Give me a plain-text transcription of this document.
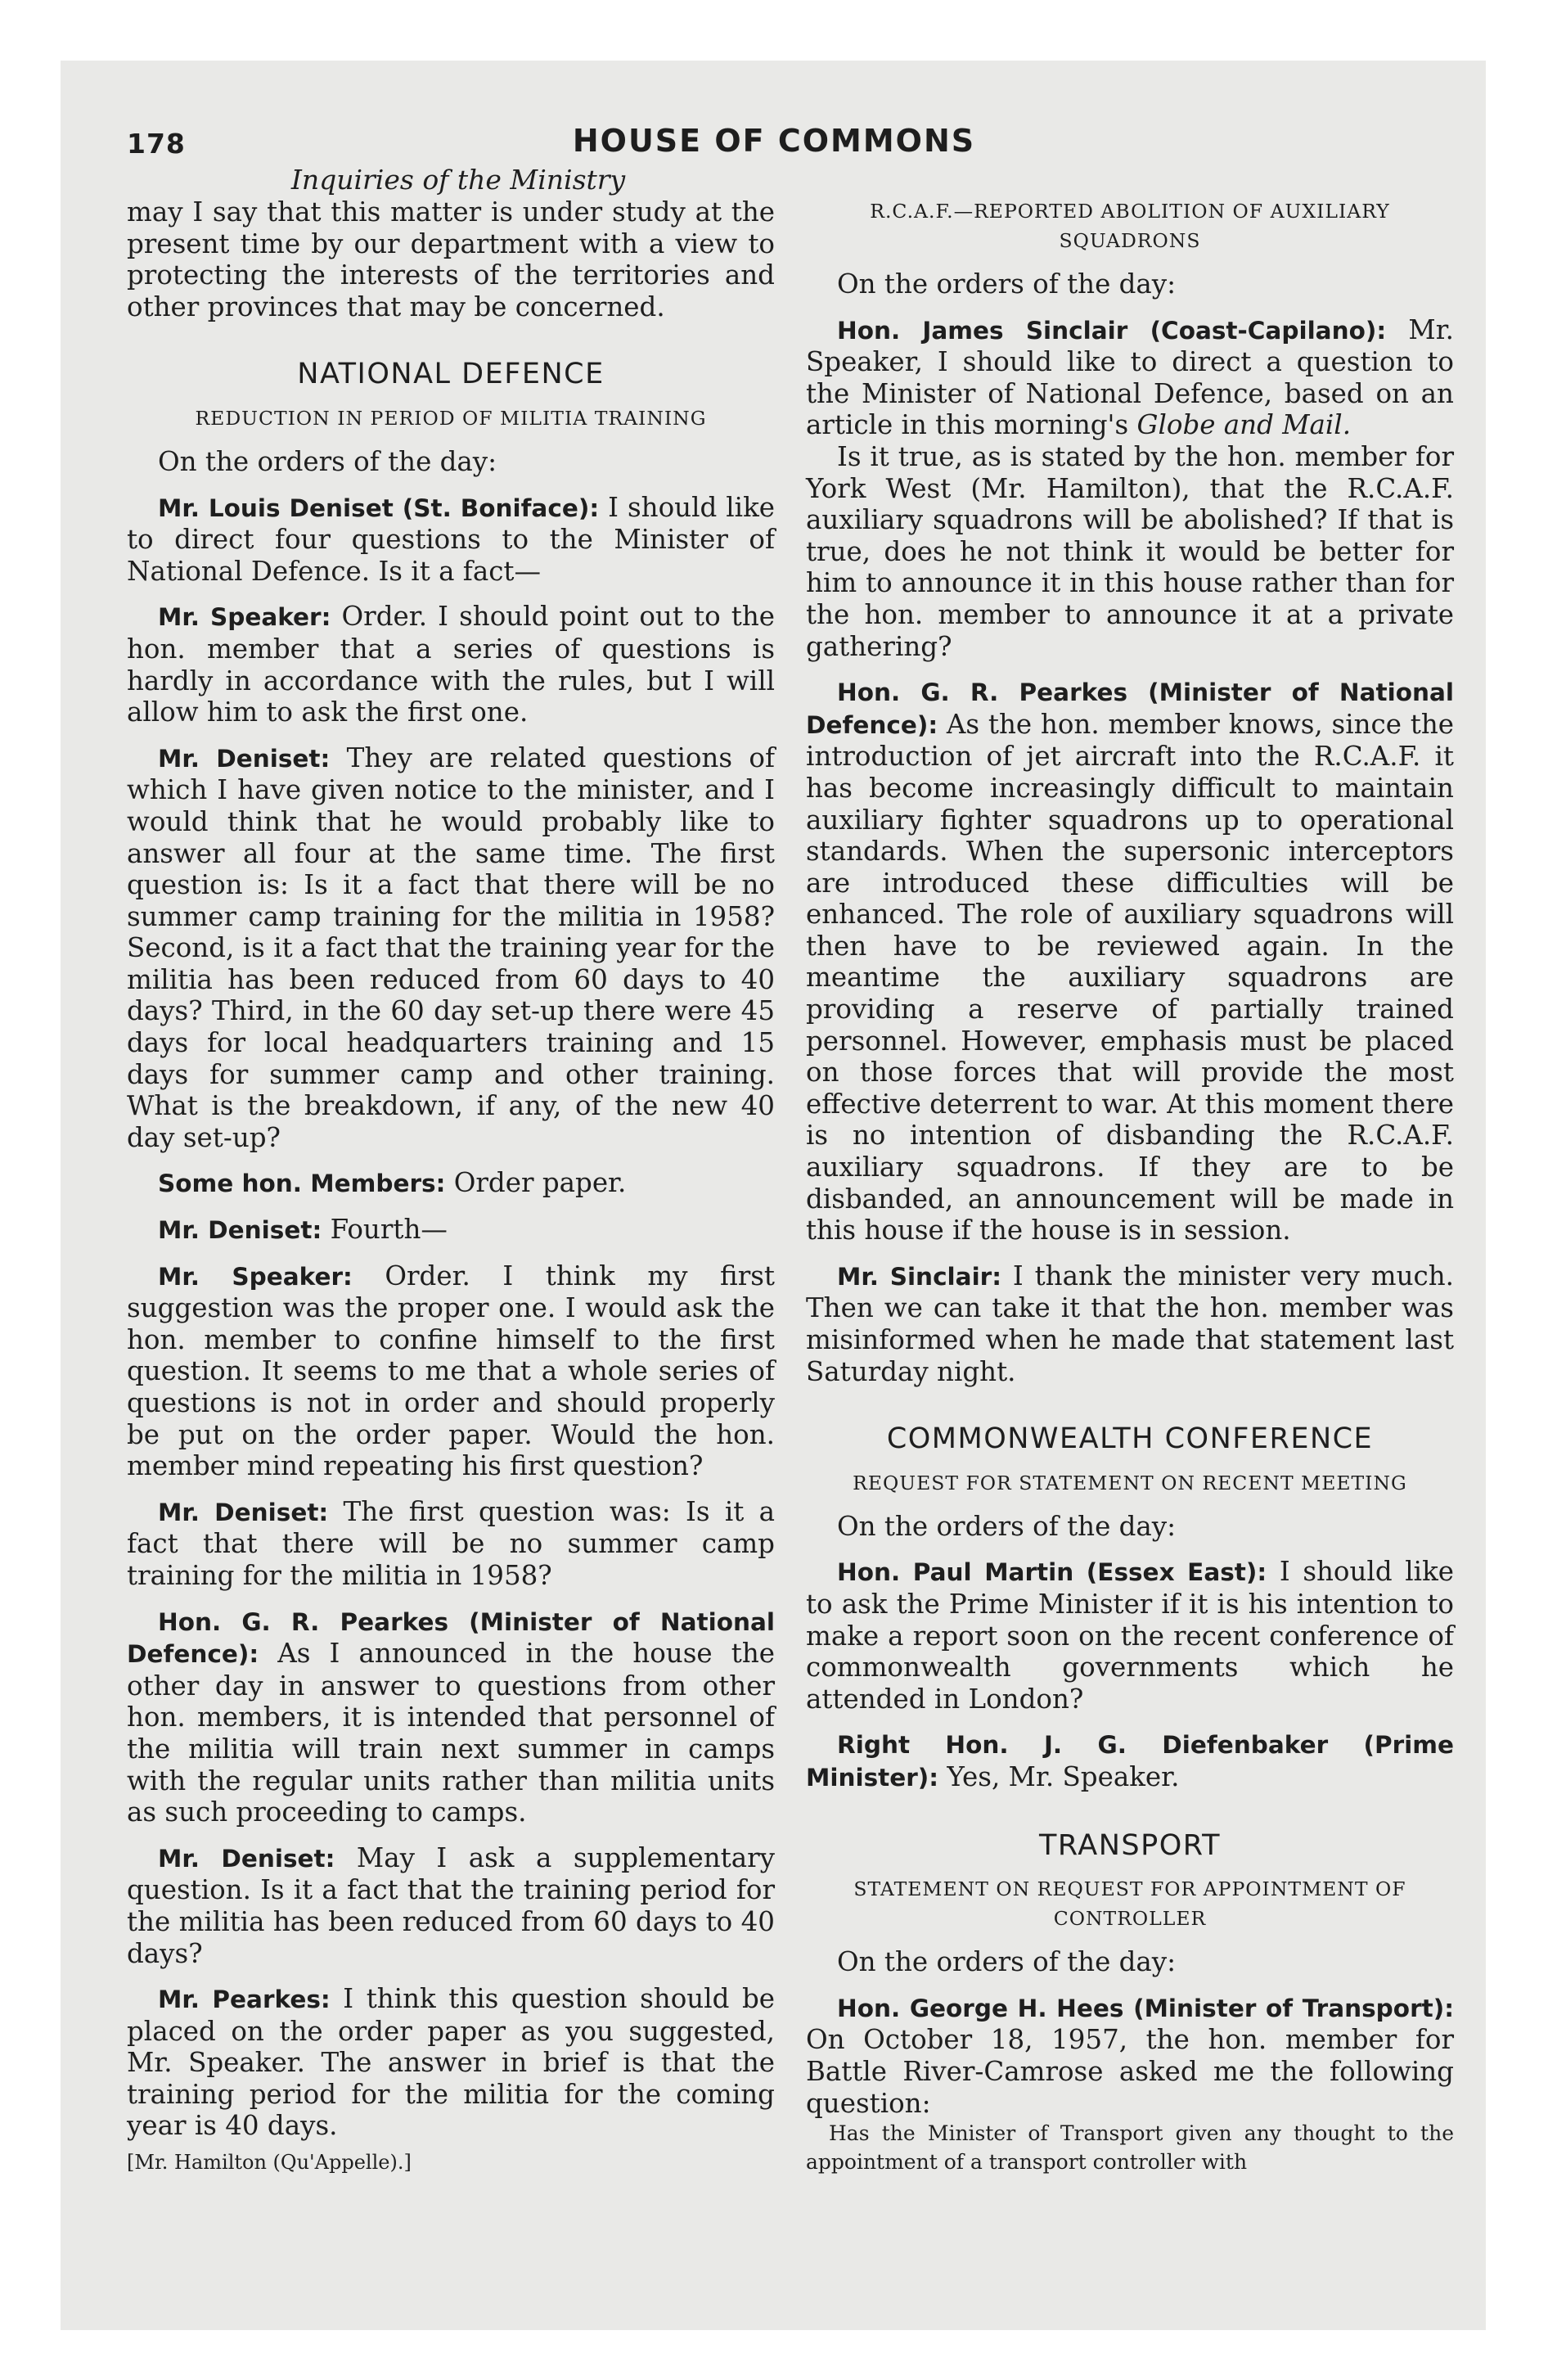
178	HOUSE OF COMMONS
Inquiries of the Ministry

may I say that this matter is under study at the present time by our department with a view to protecting the interests of the territories and other provinces that may be concerned.

NATIONAL DEFENCE
REDUCTION IN PERIOD OF MILITIA TRAINING

On the orders of the day:

Mr. Louis Deniset (St. Boniface): I should like to direct four questions to the Minister of National Defence. Is it a fact—

Mr. Speaker: Order. I should point out to the hon. member that a series of questions is hardly in accordance with the rules, but I will allow him to ask the first one.

Mr. Deniset: They are related questions of which I have given notice to the minister, and I would think that he would probably like to answer all four at the same time. The first question is: Is it a fact that there will be no summer camp training for the militia in 1958? Second, is it a fact that the training year for the militia has been reduced from 60 days to 40 days? Third, in the 60 day set-up there were 45 days for local headquarters training and 15 days for summer camp and other training. What is the breakdown, if any, of the new 40 day set-up?

Some hon. Members: Order paper.

Mr. Deniset: Fourth—

Mr. Speaker: Order. I think my first suggestion was the proper one. I would ask the hon. member to confine himself to the first question. It seems to me that a whole series of questions is not in order and should properly be put on the order paper. Would the hon. member mind repeating his first question?

Mr. Deniset: The first question was: Is it a fact that there will be no summer camp training for the militia in 1958?

Hon. G. R. Pearkes (Minister of National Defence): As I announced in the house the other day in answer to questions from other hon. members, it is intended that personnel of the militia will train next summer in camps with the regular units rather than militia units as such proceeding to camps.

Mr. Deniset: May I ask a supplementary question. Is it a fact that the training period for the militia has been reduced from 60 days to 40 days?

Mr. Pearkes: I think this question should be placed on the order paper as you suggested, Mr. Speaker. The answer in brief is that the training period for the militia for the coming year is 40 days.

[Mr. Hamilton (Qu'Appelle).]
R.C.A.F.—REPORTED ABOLITION OF AUXILIARY SQUADRONS

On the orders of the day:

Hon. James Sinclair (Coast-Capilano): Mr. Speaker, I should like to direct a question to the Minister of National Defence, based on an article in this morning's Globe and Mail.

Is it true, as is stated by the hon. member for York West (Mr. Hamilton), that the R.C.A.F. auxiliary squadrons will be abolished? If that is true, does he not think it would be better for him to announce it in this house rather than for the hon. member to announce it at a private gathering?

Hon. G. R. Pearkes (Minister of National Defence): As the hon. member knows, since the introduction of jet aircraft into the R.C.A.F. it has become increasingly difficult to maintain auxiliary fighter squadrons up to operational standards. When the supersonic interceptors are introduced these difficulties will be enhanced. The role of auxiliary squadrons will then have to be reviewed again. In the meantime the auxiliary squadrons are providing a reserve of partially trained personnel. However, emphasis must be placed on those forces that will provide the most effective deterrent to war. At this moment there is no intention of disbanding the R.C.A.F. auxiliary squadrons. If they are to be disbanded, an announcement will be made in this house if the house is in session.

Mr. Sinclair: I thank the minister very much. Then we can take it that the hon. member was misinformed when he made that statement last Saturday night.

COMMONWEALTH CONFERENCE
REQUEST FOR STATEMENT ON RECENT MEETING

On the orders of the day:

Hon. Paul Martin (Essex East): I should like to ask the Prime Minister if it is his intention to make a report soon on the recent conference of commonwealth governments which he attended in London?

Right Hon. J. G. Diefenbaker (Prime Minister): Yes, Mr. Speaker.

TRANSPORT
STATEMENT ON REQUEST FOR APPOINTMENT OF CONTROLLER

On the orders of the day:

Hon. George H. Hees (Minister of Transport): On October 18, 1957, the hon. member for Battle River-Camrose asked me the following question:

Has the Minister of Transport given any thought to the appointment of a transport controller with
